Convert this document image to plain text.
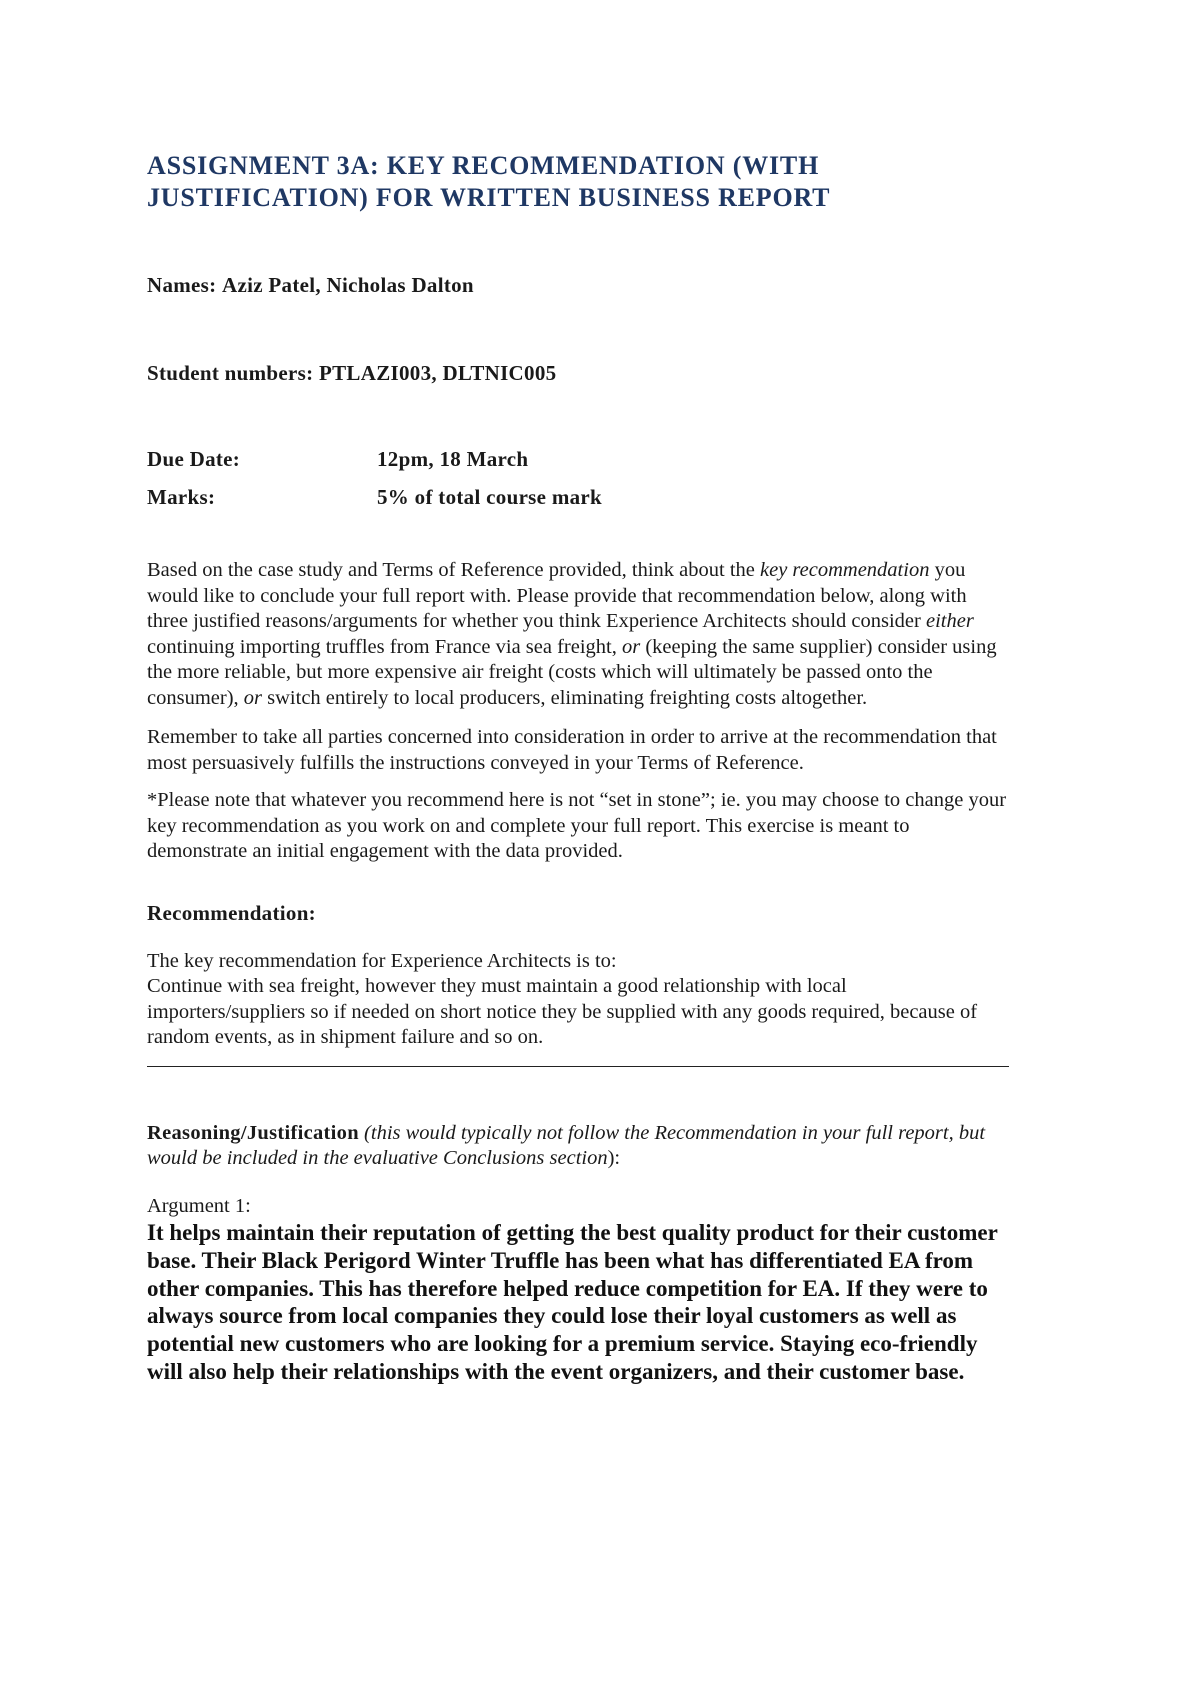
ASSIGNMENT 3A: KEY RECOMMENDATION (WITH
JUSTIFICATION) FOR WRITTEN BUSINESS REPORT
Names: Aziz Patel, Nicholas Dalton
Student numbers: PTLAZI003, DLTNIC005
Due Date:	12pm, 18 March
Marks:	5% of total course mark

Based on the case study and Terms of Reference provided, think about the key recommendation you would like to conclude your full report with. Please provide that recommendation below, along with three justified reasons/arguments for whether you think Experience Architects should consider either continuing importing truffles from France via sea freight, or (keeping the same supplier) consider using the more reliable, but more expensive air freight (costs which will ultimately be passed onto the consumer), or switch entirely to local producers, eliminating freighting costs altogether.

Remember to take all parties concerned into consideration in order to arrive at the recommendation that most persuasively fulfills the instructions conveyed in your Terms of Reference.

*Please note that whatever you recommend here is not “set in stone”; ie. you may choose to change your key recommendation as you work on and complete your full report. This exercise is meant to demonstrate an initial engagement with the data provided.

Recommendation:

The key recommendation for Experience Architects is to:

Continue with sea freight, however they must maintain a good relationship with local importers/suppliers so if needed on short notice they be supplied with any goods required, because of random events, as in shipment failure and so on.

Reasoning/Justification (this would typically not follow the Recommendation in your full report, but would be included in the evaluative Conclusions section):

Argument 1:

It helps maintain their reputation of getting the best quality product for their customer base. Their Black Perigord Winter Truffle has been what has differentiated EA from other companies. This has therefore helped reduce competition for EA. If they were to always source from local companies they could lose their loyal customers as well as potential new customers who are looking for a premium service. Staying eco-friendly will also help their relationships with the event organizers, and their customer base.
